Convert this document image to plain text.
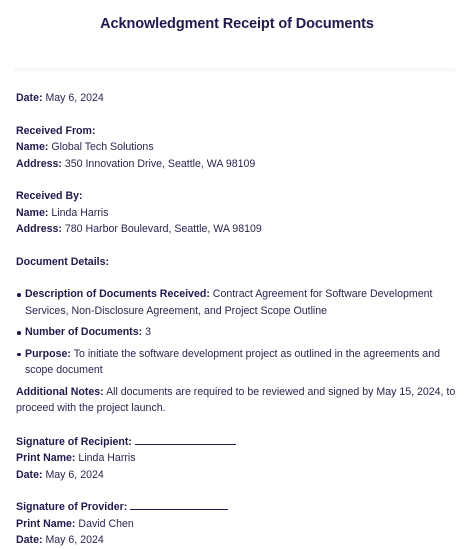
Acknowledgment Receipt of Documents

Date: May 6, 2024

Received From:

Name: Global Tech Solutions

Address: 350 Innovation Drive, Seattle, WA 98109

Received By:

Name: Linda Harris

Address: 780 Harbor Boulevard, Seattle, WA 98109

Document Details:

Description of Documents Received: Contract Agreement for Software Development Services, Non-Disclosure Agreement, and Project Scope Outline
Number of Documents: 3
Purpose: To initiate the software development project as outlined in the agreements and scope document

Additional Notes: All documents are required to be reviewed and signed by May 15, 2024, to proceed with the project launch.

Signature of Recipient:

Print Name: Linda Harris

Date: May 6, 2024

Signature of Provider:

Print Name: David Chen

Date: May 6, 2024
